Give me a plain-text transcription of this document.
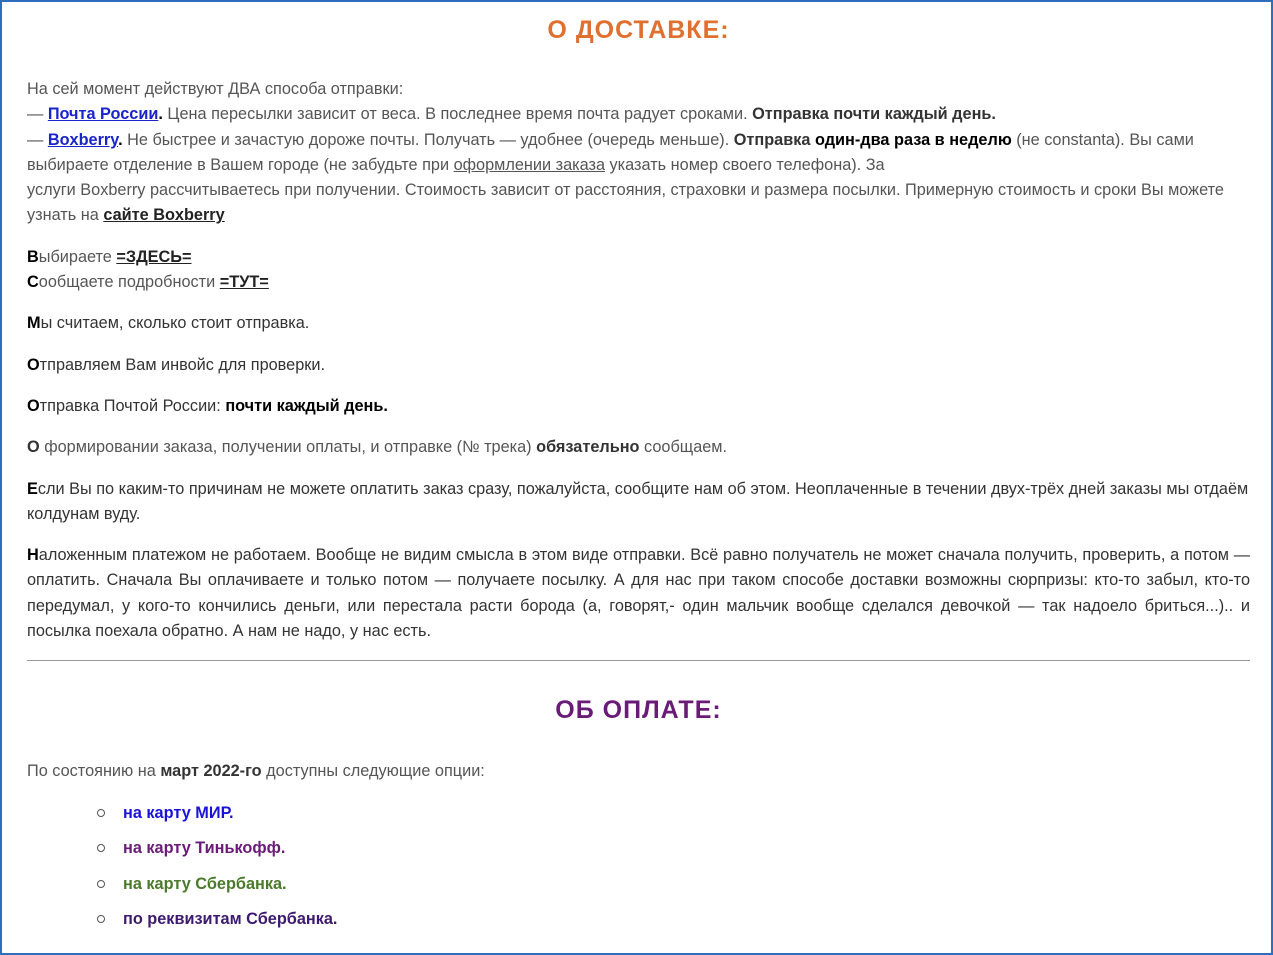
О ДОСТАВКЕ:

На сей момент действуют ДВА способа отправки:
— Почта России. Цена пересылки зависит от веса. В последнее время почта радует сроками. Отправка почти каждый день.
— Boxberry. Не быстрее и зачастую дороже почты. Получать — удобнее (очередь меньше). Отправка один-два раза в неделю (не constanta). Вы сами выбираете отделение в Вашем городе (не забудьте при оформлении заказа указать номер своего телефона). За
услуги Boxberry рассчитываетесь при получении. Стоимость зависит от расстояния, страховки и размера посылки. Примерную стоимость и сроки Вы можете узнать на сайте Boxberry

Выбираете =ЗДЕСЬ=
Сообщаете подробности =ТУТ=

Мы считаем, сколько стоит отправка.

Отправляем Вам инвойс для проверки.

Отправка Почтой России: почти каждый день.

О формировании заказа, получении оплаты, и отправке (№ трека) обязательно сообщаем.

Если Вы по каким-то причинам не можете оплатить заказ сразу, пожалуйста, сообщите нам об этом. Неоплаченные в течении двух-трёх дней заказы мы отдаём колдунам вуду.

Наложенным платежом не работаем. Вообще не видим смысла в этом виде отправки. Всё равно получатель не может сначала получить, проверить, а потом — оплатить. Сначала Вы оплачиваете и только потом — получаете посылку. А для нас при таком способе доставки возможны сюрпризы: кто-то забыл, кто-то передумал, у кого-то кончились деньги, или перестала расти борода (а, говорят,- один мальчик вообще сделался девочкой — так надоело бриться...).. и посылка поехала обратно. А нам не надо, у нас есть.

ОБ ОПЛАТЕ:

По состоянию на март 2022-го доступны следующие опции:

на карту МИР.
на карту Тинькофф.
на карту Сбербанка.
по реквизитам Сбербанка.
